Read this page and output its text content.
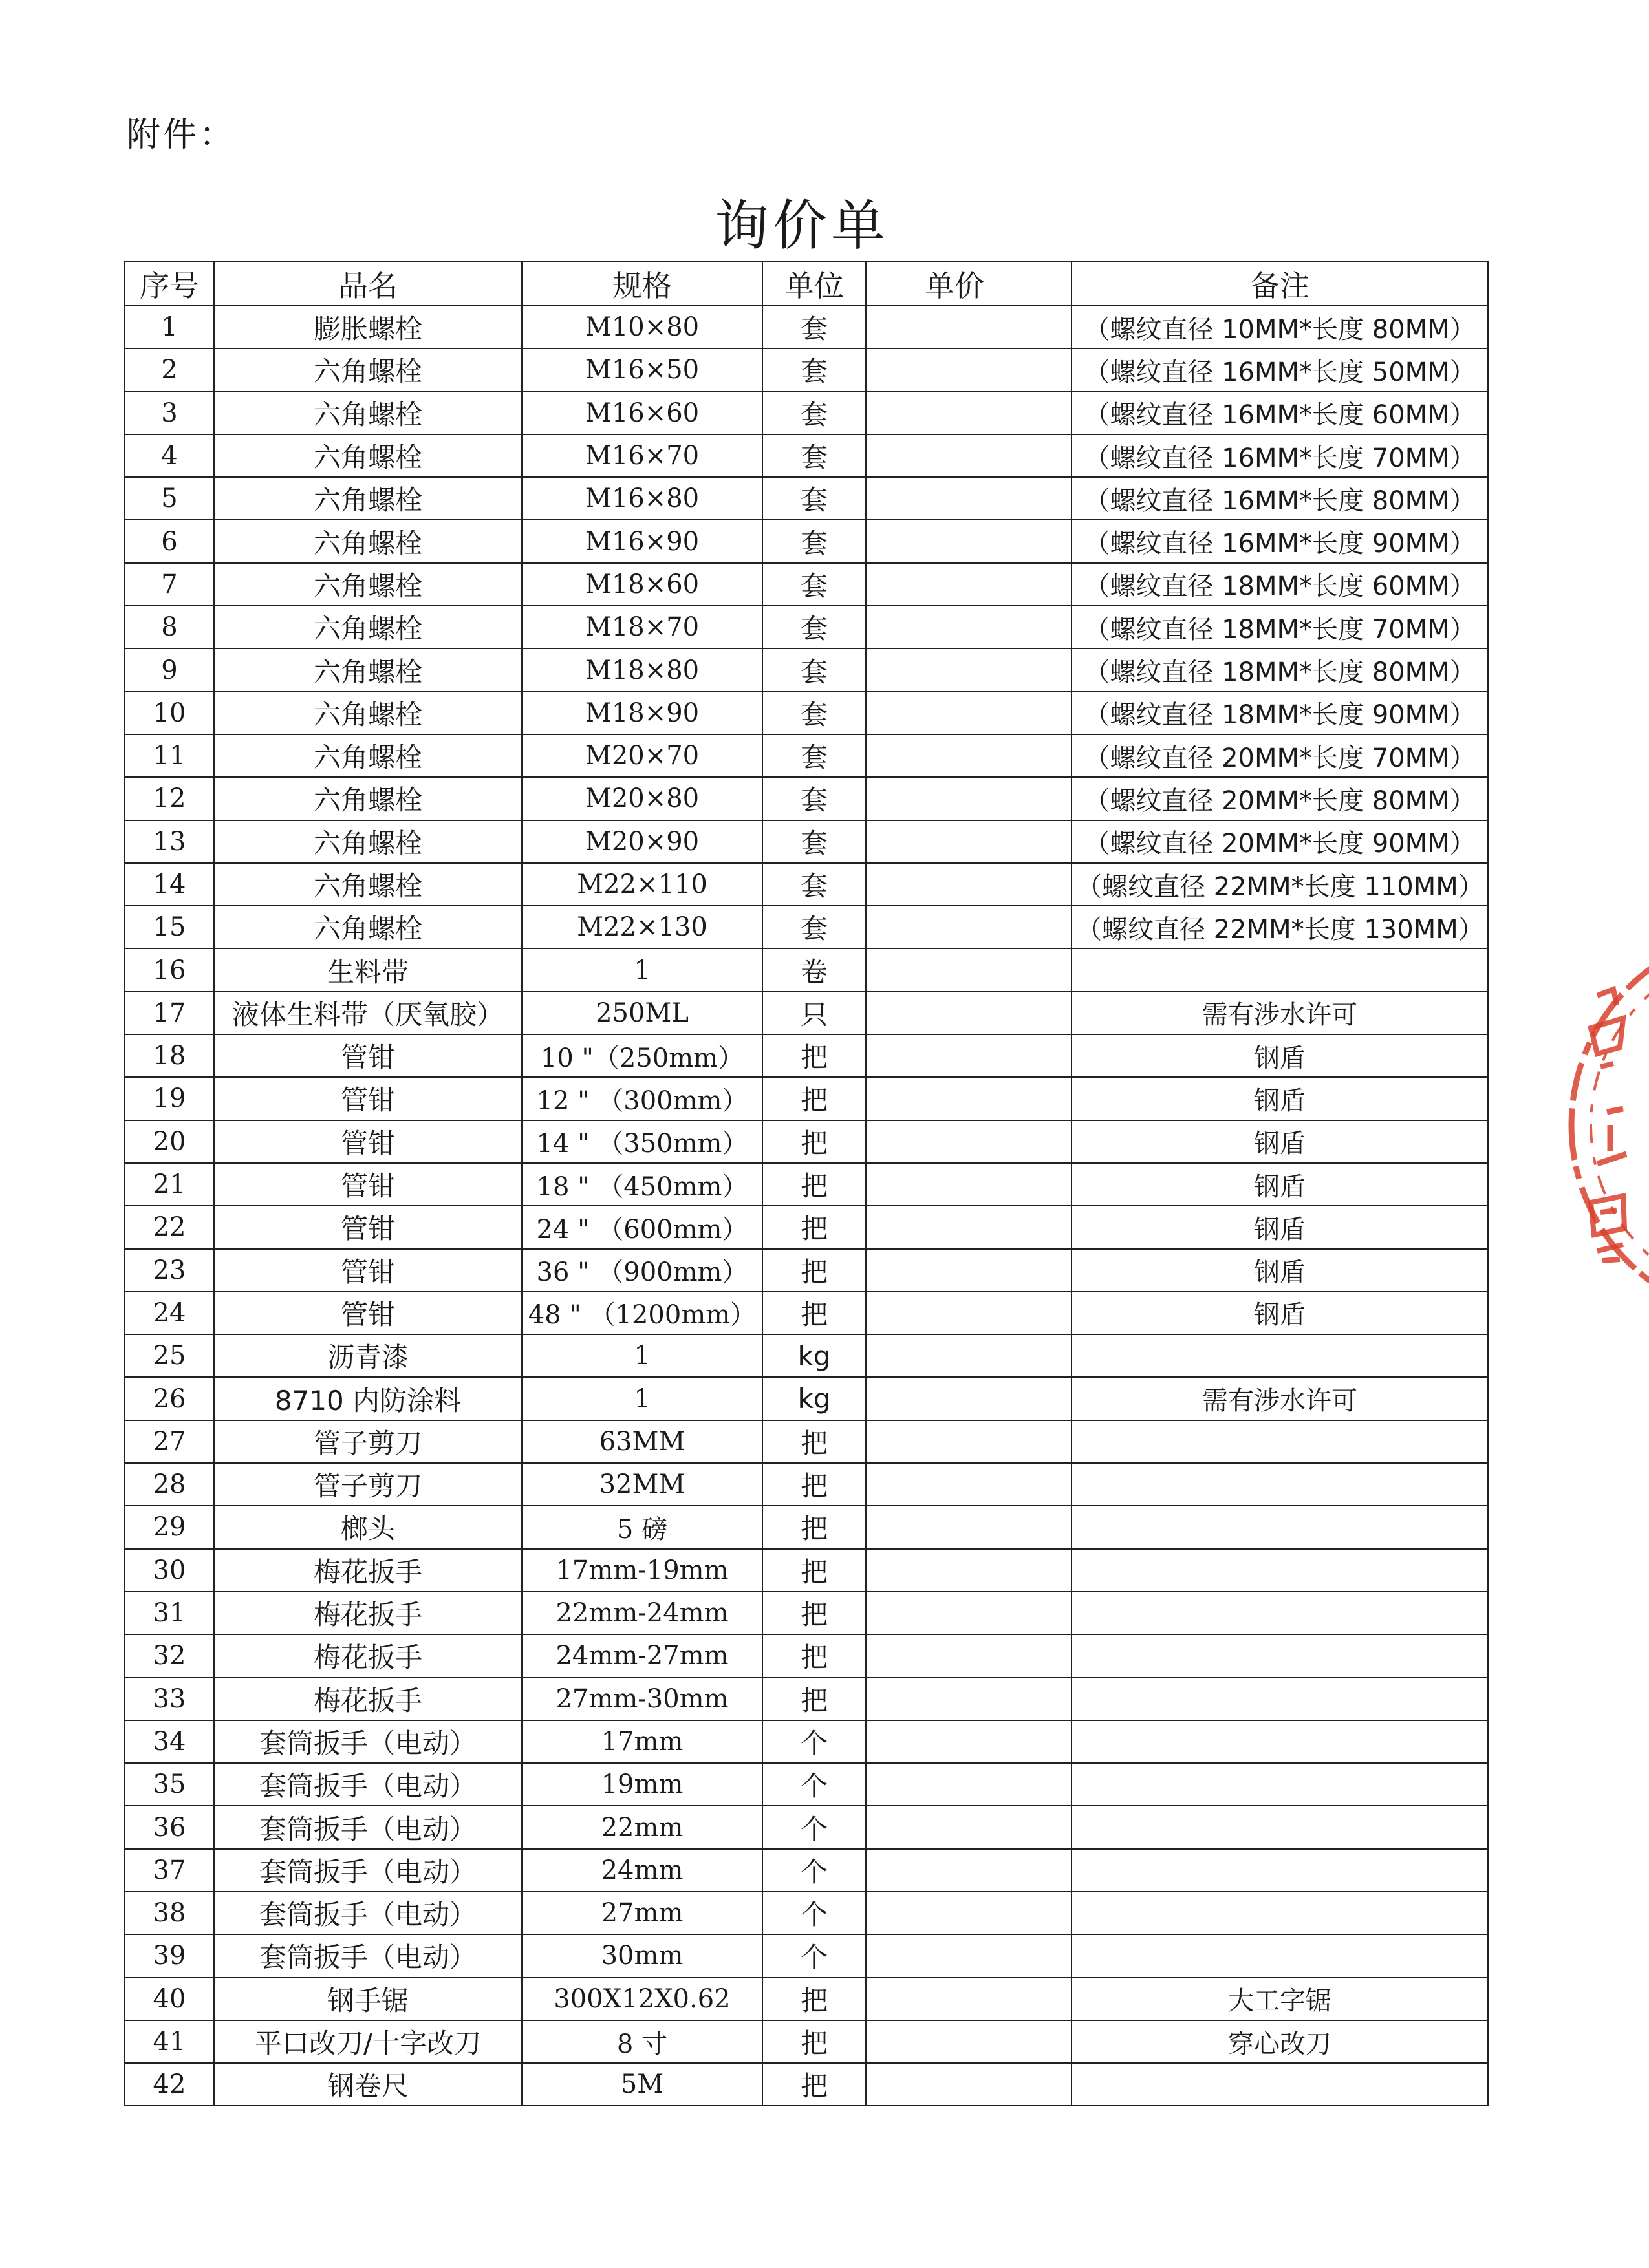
附件：
询价单
序号	品名	规格	单位	单价	备注
1	膨胀螺栓	M10×80	套		（螺纹直径 10MM*长度 80MM）
2	六角螺栓	M16×50	套		（螺纹直径 16MM*长度 50MM）
3	六角螺栓	M16×60	套		（螺纹直径 16MM*长度 60MM）
4	六角螺栓	M16×70	套		（螺纹直径 16MM*长度 70MM）
5	六角螺栓	M16×80	套		（螺纹直径 16MM*长度 80MM）
6	六角螺栓	M16×90	套		（螺纹直径 16MM*长度 90MM）
7	六角螺栓	M18×60	套		（螺纹直径 18MM*长度 60MM）
8	六角螺栓	M18×70	套		（螺纹直径 18MM*长度 70MM）
9	六角螺栓	M18×80	套		（螺纹直径 18MM*长度 80MM）
10	六角螺栓	M18×90	套		（螺纹直径 18MM*长度 90MM）
11	六角螺栓	M20×70	套		（螺纹直径 20MM*长度 70MM）
12	六角螺栓	M20×80	套		（螺纹直径 20MM*长度 80MM）
13	六角螺栓	M20×90	套		（螺纹直径 20MM*长度 90MM）
14	六角螺栓	M22×110	套		（螺纹直径 22MM*长度 110MM）
15	六角螺栓	M22×130	套		（螺纹直径 22MM*长度 130MM）
16	生料带	1	卷		
17	液体生料带（厌氧胶）	250ML	只		需有涉水许可
18	管钳	10 "（250mm）	把		钢盾
19	管钳	12 " （300mm）	把		钢盾
20	管钳	14 " （350mm）	把		钢盾
21	管钳	18 " （450mm）	把		钢盾
22	管钳	24 " （600mm）	把		钢盾
23	管钳	36 " （900mm）	把		钢盾
24	管钳	48 " （1200mm）	把		钢盾
25	沥青漆	1	kg		
26	8710 内防涂料	1	kg		需有涉水许可
27	管子剪刀	63MM	把		
28	管子剪刀	32MM	把		
29	榔头	5 磅	把		
30	梅花扳手	17mm-19mm	把		
31	梅花扳手	22mm-24mm	把		
32	梅花扳手	24mm-27mm	把		
33	梅花扳手	27mm-30mm	把		
34	套筒扳手（电动）	17mm	个		
35	套筒扳手（电动）	19mm	个		
36	套筒扳手（电动）	22mm	个		
37	套筒扳手（电动）	24mm	个		
38	套筒扳手（电动）	27mm	个		
39	套筒扳手（电动）	30mm	个		
40	钢手锯	300X12X0.62	把		大工字锯
41	平口改刀/十字改刀	8 寸	把		穿心改刀
42	钢卷尺	5M	把		
